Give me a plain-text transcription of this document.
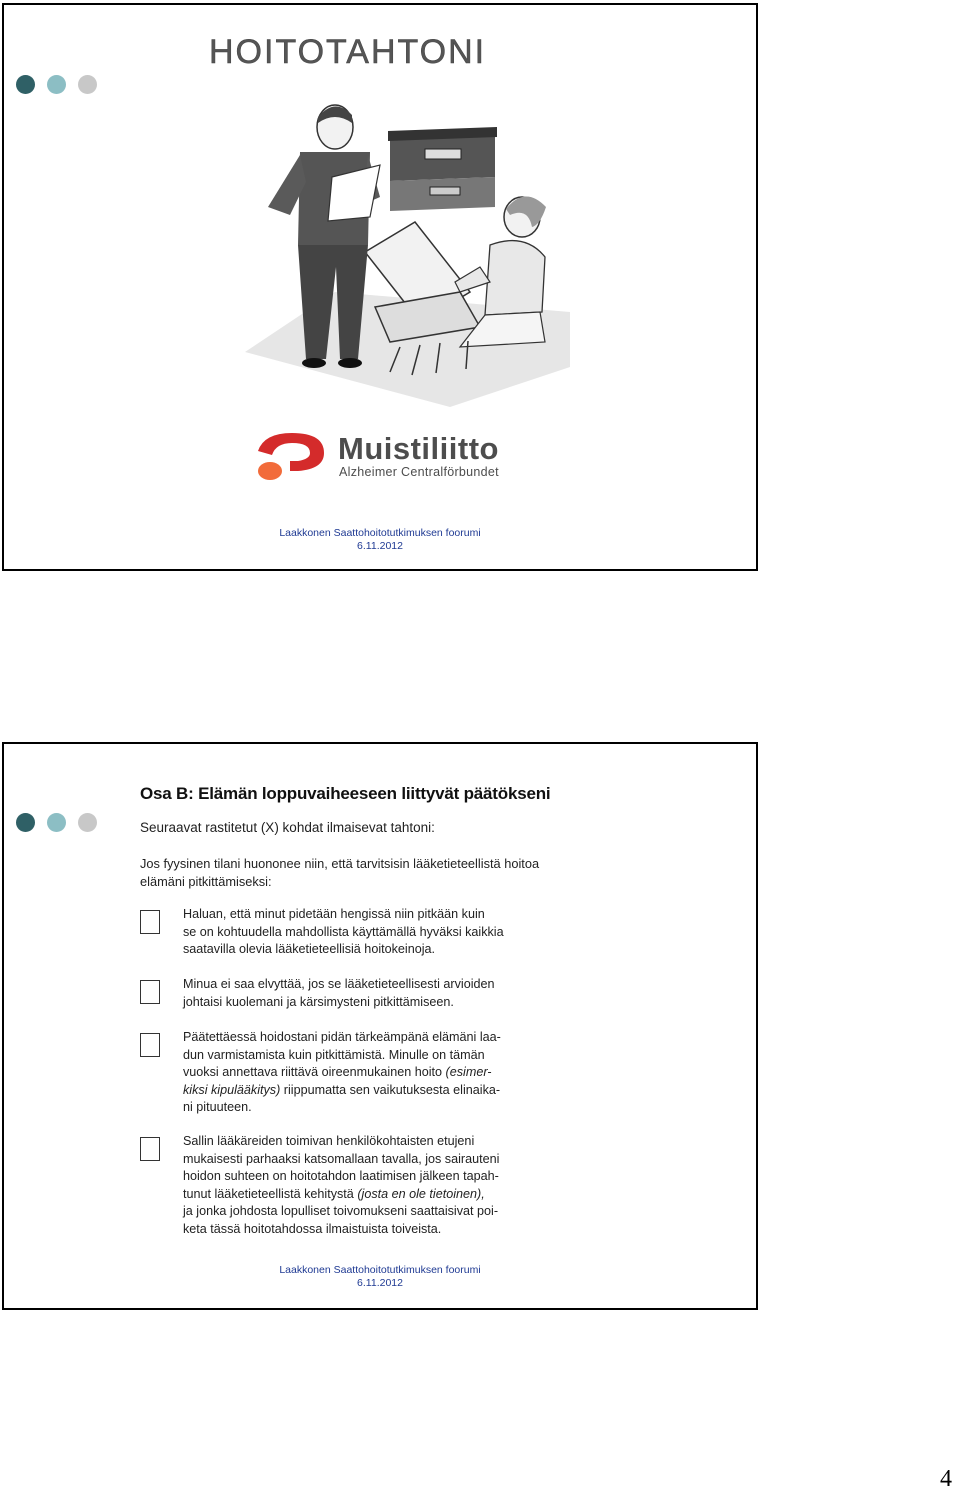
HOITOTAHTONI
Muistiliitto
Alzheimer Centralförbundet
Laakkonen Saattohoitotutkimuksen foorumi
6.11.2012
Osa B: Elämän loppuvaiheeseen liittyvät päätökseni
Seuraavat rastitetut (X) kohdat ilmaisevat tahtoni:
Jos fyysinen tilani huononee niin, että tarvitsisin lääketieteellistä hoitoa
elämäni pitkittämiseksi:
Haluan, että minut pidetään hengissä niin pitkään kuin
se on kohtuudella mahdollista käyttämällä hyväksi kaikkia
saatavilla olevia lääketieteellisiä hoitokeinoja.
Minua ei saa elvyttää, jos se lääketieteellisesti arvioiden
johtaisi kuolemani ja kärsimysteni pitkittämiseen.
Päätettäessä hoidostani pidän tärkeämpänä elämäni laa-
dun varmistamista kuin pitkittämistä. Minulle on tämän
vuoksi annettava riittävä oireenmukainen hoito (esimer-
kiksi kipulääkitys) riippumatta sen vaikutuksesta elinaika-
ni pituuteen.
Sallin lääkäreiden toimivan henkilökohtaisten etujeni
mukaisesti parhaaksi katsomallaan tavalla, jos sairauteni
hoidon suhteen on hoitotahdon laatimisen jälkeen tapah-
tunut lääketieteellistä kehitystä (josta en ole tietoinen),
ja jonka johdosta lopulliset toivomukseni saattaisivat poi-
keta tässä hoitotahdossa ilmaistuista toiveista.
Laakkonen Saattohoitotutkimuksen foorumi
6.11.2012
4
